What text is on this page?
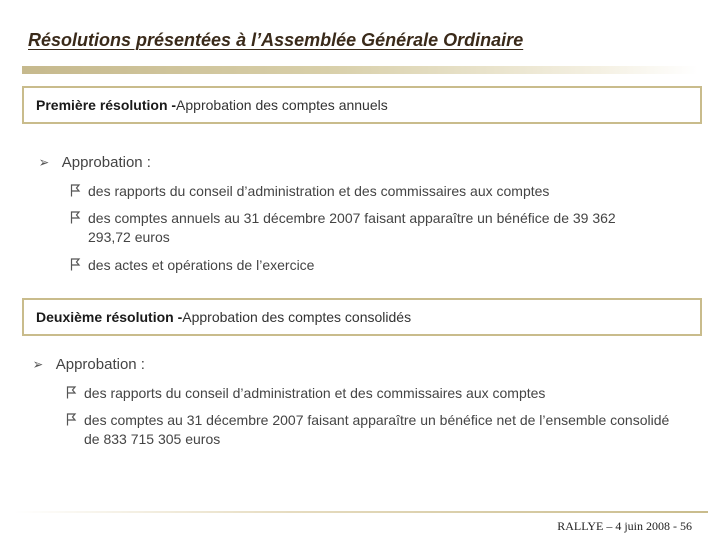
Résolutions présentées à l’Assemblée Générale Ordinaire
Première résolution - Approbation des comptes annuels
➢ Approbation :
des rapports du conseil d’administration et des commissaires aux comptes
des comptes annuels au 31 décembre 2007 faisant apparaître un bénéfice de 39 362 293,72 euros
des actes et opérations de l’exercice
Deuxième résolution - Approbation des comptes consolidés
➢ Approbation :
des rapports du conseil d’administration et des commissaires aux comptes
des comptes au 31 décembre 2007 faisant apparaître un bénéfice net de l’ensemble consolidé de 833 715 305 euros
RALLYE – 4 juin 2008 - 56
